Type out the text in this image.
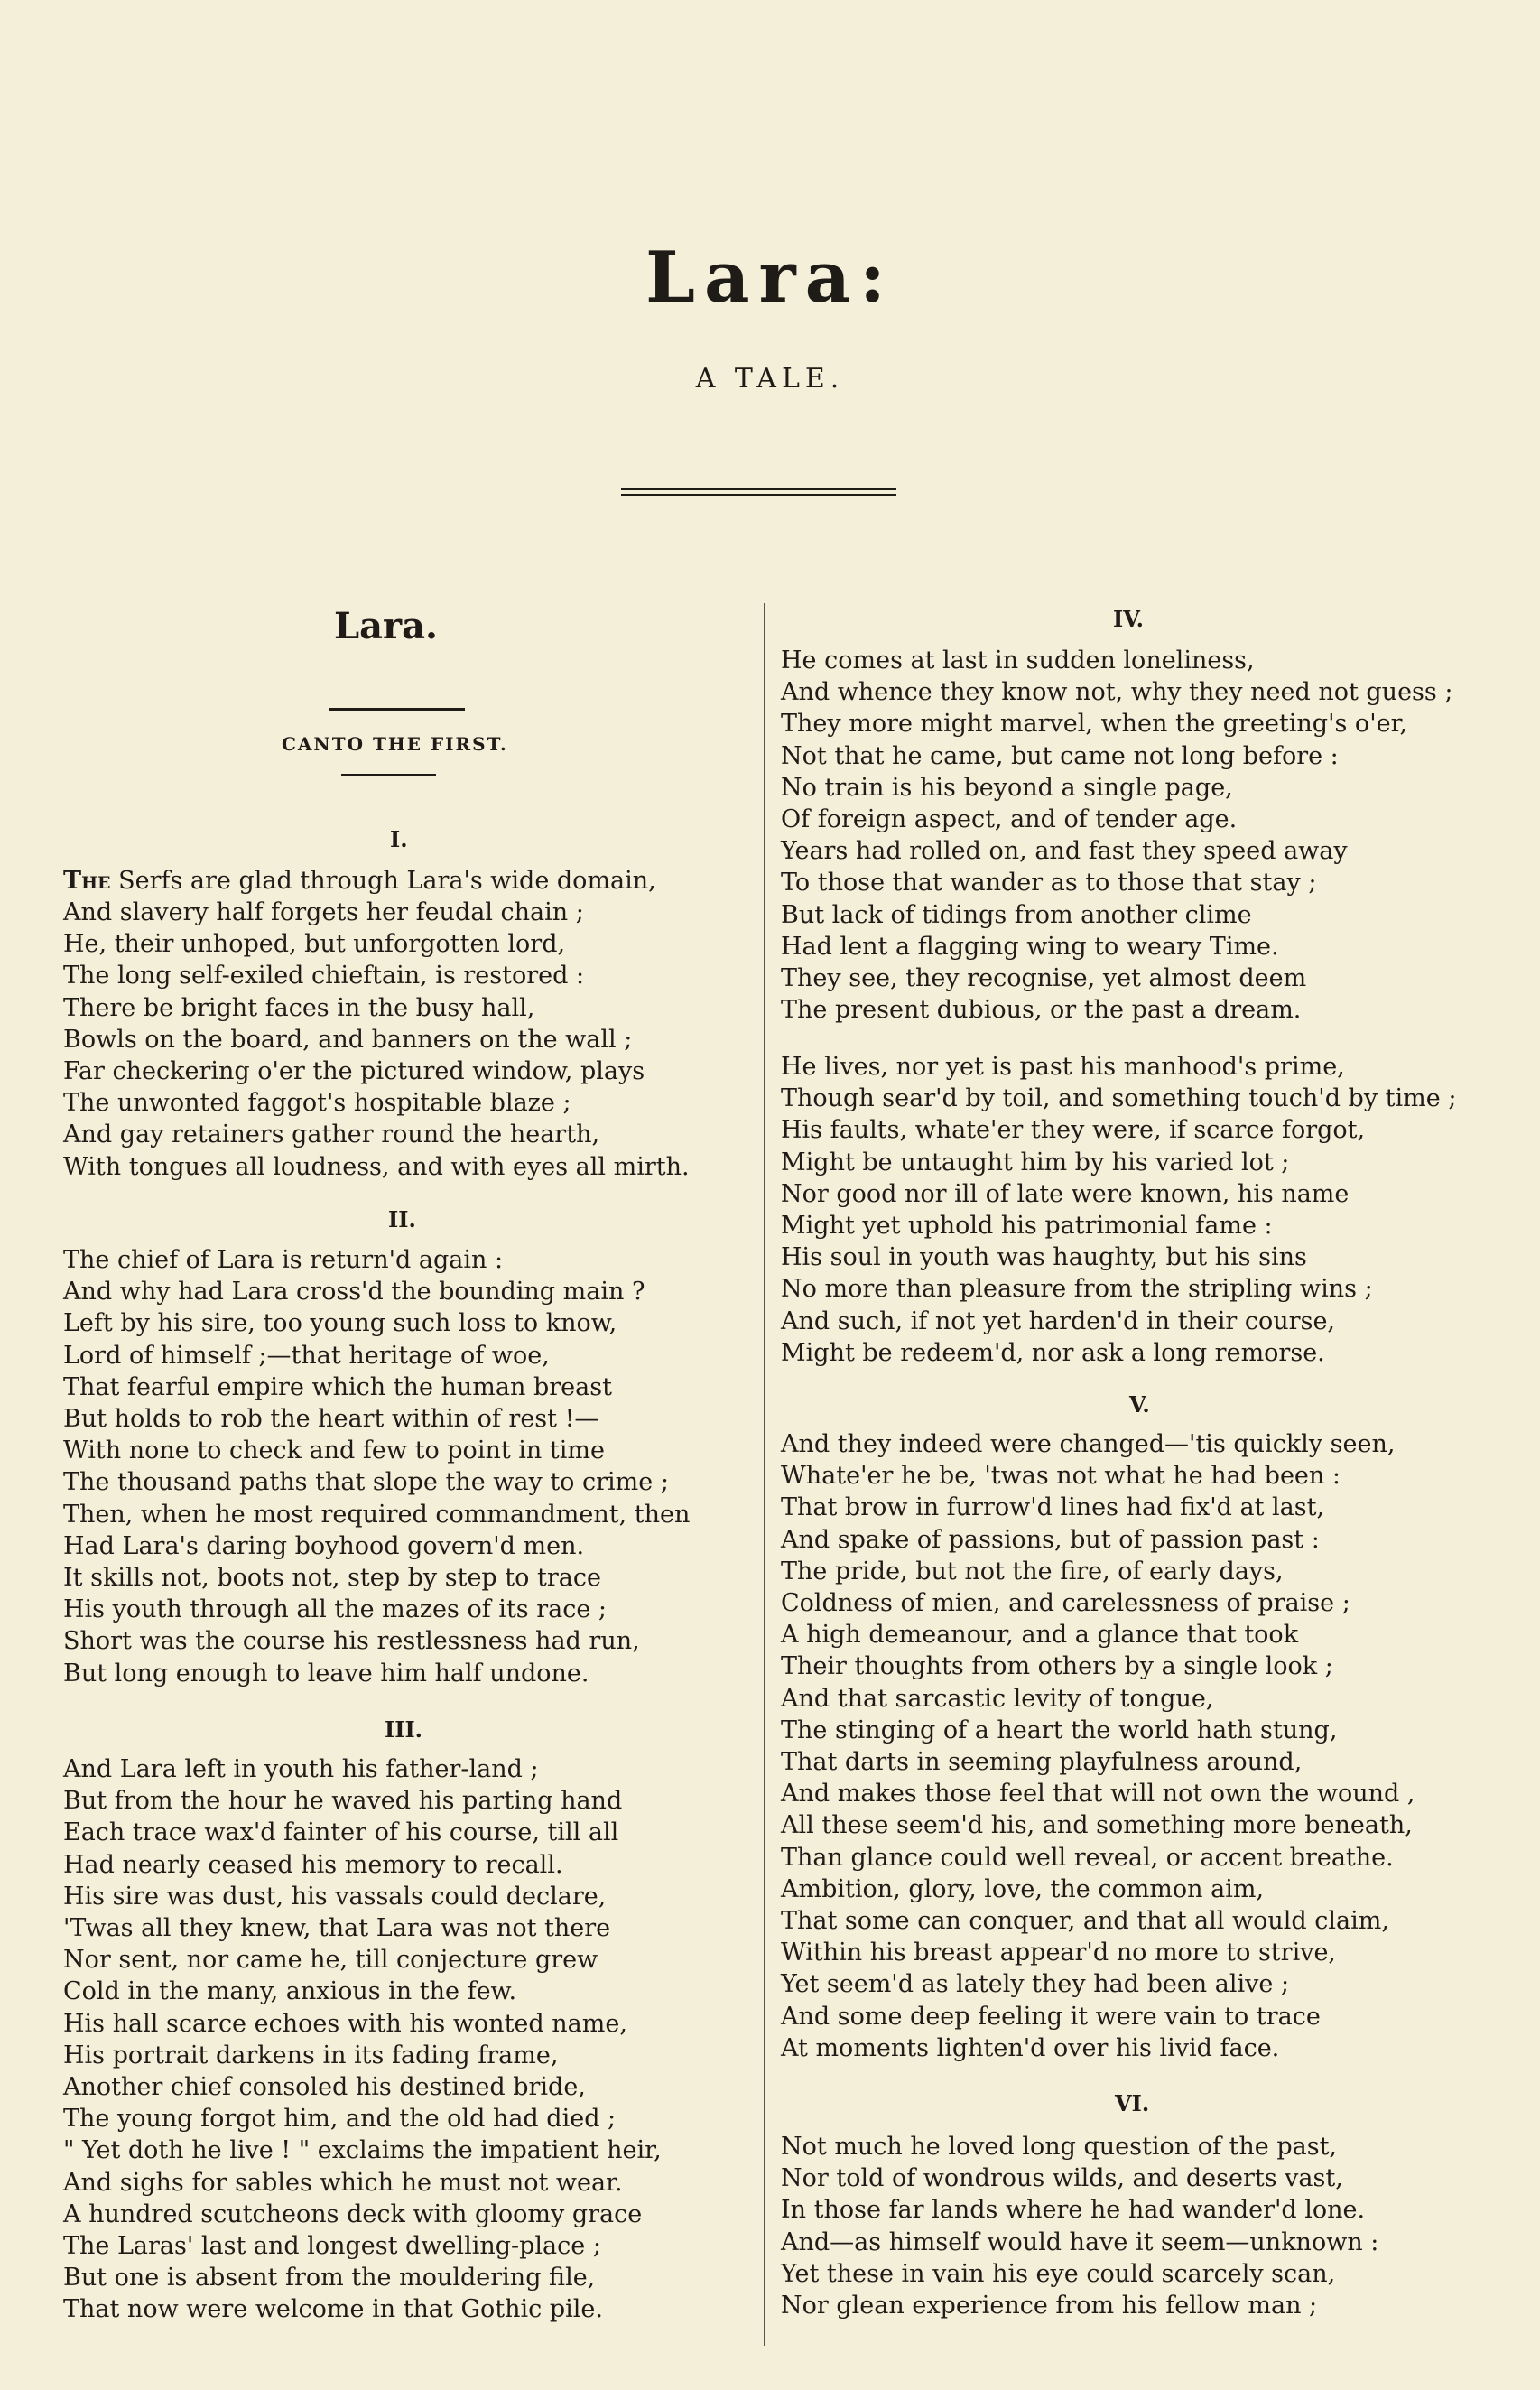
Lara:
A TALE.
Lara.
CANTO THE FIRST.
I.
The Serfs are glad through Lara's wide domain,
And slavery half forgets her feudal chain ;
He, their unhoped, but unforgotten lord,
The long self-exiled chieftain, is restored :
There be bright faces in the busy hall,
Bowls on the board, and banners on the wall ;
Far checkering o'er the pictured window, plays
The unwonted faggot's hospitable blaze ;
And gay retainers gather round the hearth,
With tongues all loudness, and with eyes all mirth.
II.
The chief of Lara is return'd again :
And why had Lara cross'd the bounding main ?
Left by his sire, too young such loss to know,
Lord of himself ;—that heritage of woe,
That fearful empire which the human breast
But holds to rob the heart within of rest !—
With none to check and few to point in time
The thousand paths that slope the way to crime ;
Then, when he most required commandment, then
Had Lara's daring boyhood govern'd men.
It skills not, boots not, step by step to trace
His youth through all the mazes of its race ;
Short was the course his restlessness had run,
But long enough to leave him half undone.
III.
And Lara left in youth his father-land ;
But from the hour he waved his parting hand
Each trace wax'd fainter of his course, till all
Had nearly ceased his memory to recall.
His sire was dust, his vassals could declare,
'Twas all they knew, that Lara was not there
Nor sent, nor came he, till conjecture grew
Cold in the many, anxious in the few.
His hall scarce echoes with his wonted name,
His portrait darkens in its fading frame,
Another chief consoled his destined bride,
The young forgot him, and the old had died ;
" Yet doth he live ! " exclaims the impatient heir,
And sighs for sables which he must not wear.
A hundred scutcheons deck with gloomy grace
The Laras' last and longest dwelling-place ;
But one is absent from the mouldering file,
That now were welcome in that Gothic pile.
IV.
He comes at last in sudden loneliness,
And whence they know not, why they need not guess ;
They more might marvel, when the greeting's o'er,
Not that he came, but came not long before :
No train is his beyond a single page,
Of foreign aspect, and of tender age.
Years had rolled on, and fast they speed away
To those that wander as to those that stay ;
But lack of tidings from another clime
Had lent a flagging wing to weary Time.
They see, they recognise, yet almost deem
The present dubious, or the past a dream.
He lives, nor yet is past his manhood's prime,
Though sear'd by toil, and something touch'd by time ;
His faults, whate'er they were, if scarce forgot,
Might be untaught him by his varied lot ;
Nor good nor ill of late were known, his name
Might yet uphold his patrimonial fame :
His soul in youth was haughty, but his sins
No more than pleasure from the stripling wins ;
And such, if not yet harden'd in their course,
Might be redeem'd, nor ask a long remorse.
V.
And they indeed were changed—'tis quickly seen,
Whate'er he be, 'twas not what he had been :
That brow in furrow'd lines had fix'd at last,
And spake of passions, but of passion past :
The pride, but not the fire, of early days,
Coldness of mien, and carelessness of praise ;
A high demeanour, and a glance that took
Their thoughts from others by a single look ;
And that sarcastic levity of tongue,
The stinging of a heart the world hath stung,
That darts in seeming playfulness around,
And makes those feel that will not own the wound ,
All these seem'd his, and something more beneath,
Than glance could well reveal, or accent breathe.
Ambition, glory, love, the common aim,
That some can conquer, and that all would claim,
Within his breast appear'd no more to strive,
Yet seem'd as lately they had been alive ;
And some deep feeling it were vain to trace
At moments lighten'd over his livid face.
VI.
Not much he loved long question of the past,
Nor told of wondrous wilds, and deserts vast,
In those far lands where he had wander'd lone.
And—as himself would have it seem—unknown :
Yet these in vain his eye could scarcely scan,
Nor glean experience from his fellow man ;
